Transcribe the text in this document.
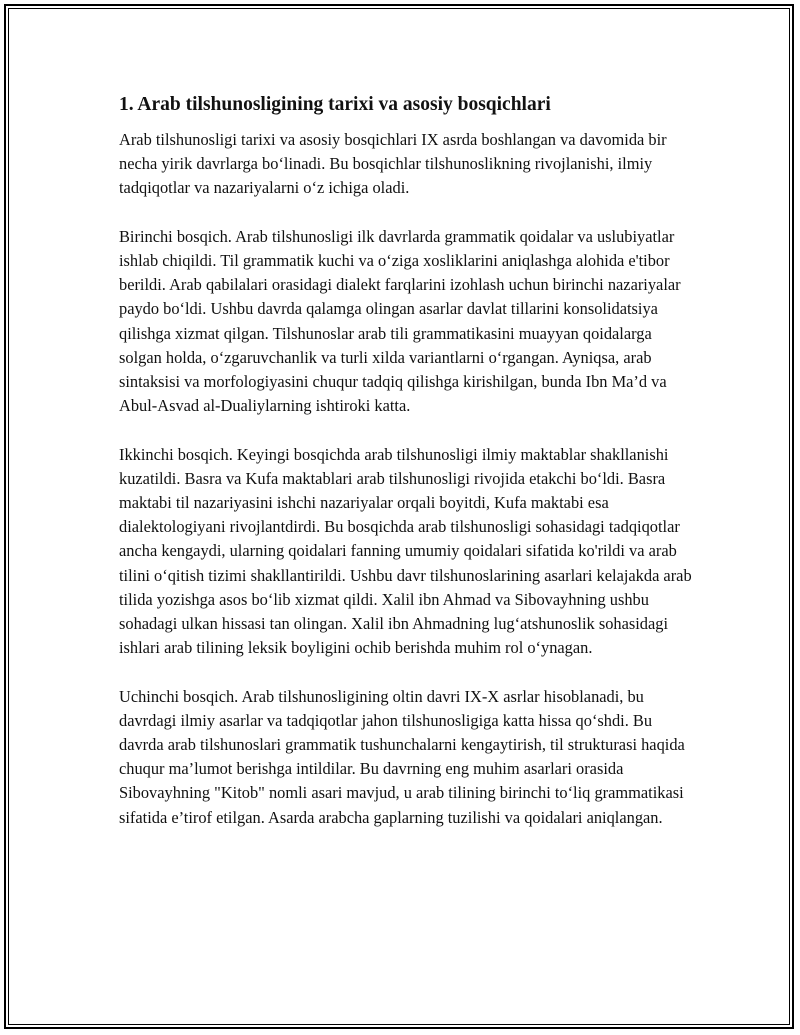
1. Arab tilshunosligining tarixi va asosiy bosqichlari

Arab tilshunosligi tarixi va asosiy bosqichlari IX asrda boshlangan va davomida bir necha yirik davrlarga bo‘linadi. Bu bosqichlar tilshunoslikning rivojlanishi, ilmiy tadqiqotlar va nazariyalarni o‘z ichiga oladi.

Birinchi bosqich. Arab tilshunosligi ilk davrlarda grammatik qoidalar va uslubiyatlar ishlab chiqildi. Til grammatik kuchi va o‘ziga xosliklarini aniqlashga alohida e'tibor berildi. Arab qabilalari orasidagi dialekt farqlarini izohlash uchun birinchi nazariyalar paydo bo‘ldi. Ushbu davrda qalamga olingan asarlar davlat tillarini konsolidatsiya qilishga xizmat qilgan. Tilshunoslar arab tili grammatikasini muayyan qoidalarga solgan holda, o‘zgaruvchanlik va turli xilda variantlarni o‘rgangan. Ayniqsa, arab sintaksisi va morfologiyasini chuqur tadqiq qilishga kirishilgan, bunda Ibn Ma’d va Abul-Asvad al-Dualiylarning ishtiroki katta.

Ikkinchi bosqich. Keyingi bosqichda arab tilshunosligi ilmiy maktablar shakllanishi kuzatildi. Basra va Kufa maktablari arab tilshunosligi rivojida etakchi bo‘ldi. Basra maktabi til nazariyasini ishchi nazariyalar orqali boyitdi, Kufa maktabi esa dialektologiyani rivojlantdirdi. Bu bosqichda arab tilshunosligi sohasidagi tadqiqotlar ancha kengaydi, ularning qoidalari fanning umumiy qoidalari sifatida ko'rildi va arab tilini o‘qitish tizimi shakllantirildi. Ushbu davr tilshunoslarining asarlari kelajakda arab tilida yozishga asos bo‘lib xizmat qildi. Xalil ibn Ahmad va Sibovayhning ushbu sohadagi ulkan hissasi tan olingan. Xalil ibn Ahmadning lug‘atshunoslik sohasidagi ishlari arab tilining leksik boyligini ochib berishda muhim rol o‘ynagan.

Uchinchi bosqich. Arab tilshunosligining oltin davri IX-X asrlar hisoblanadi, bu davrdagi ilmiy asarlar va tadqiqotlar jahon tilshunosligiga katta hissa qo‘shdi. Bu davrda arab tilshunoslari grammatik tushunchalarni kengaytirish, til strukturasi haqida chuqur ma’lumot berishga intildilar. Bu davrning eng muhim asarlari orasida Sibovayhning "Kitob" nomli asari mavjud, u arab tilining birinchi to‘liq grammatikasi sifatida e’tirof etilgan. Asarda arabcha gaplarning tuzilishi va qoidalari aniqlangan.
